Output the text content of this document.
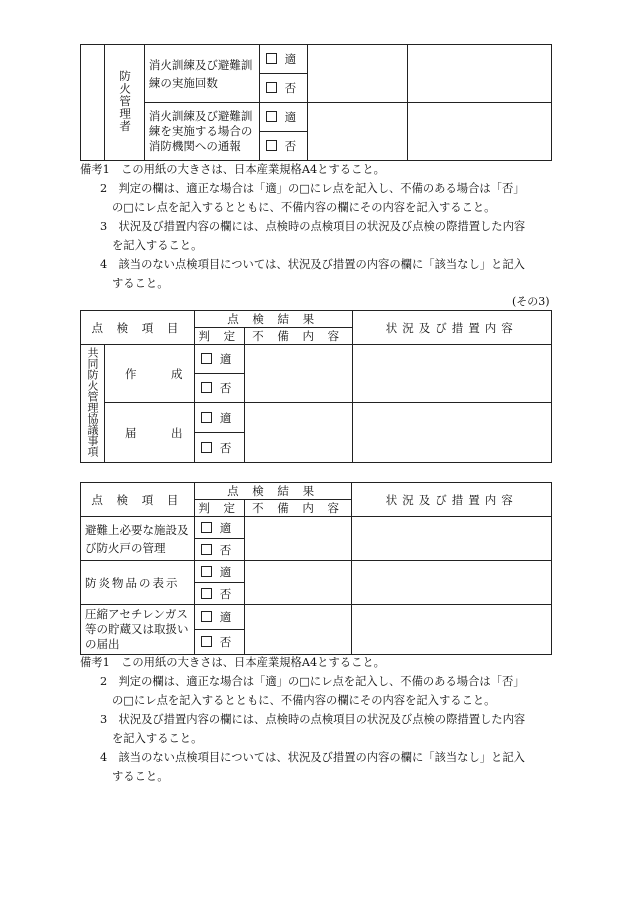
	防火管理者	消火訓練及び避難訓練の実施回数	適		
			否		
		消火訓練及び避難訓練を実施する場合の消防機関への通報	適		
			否		
備考1　この用紙の大きさは、日本産業規格A4とすること。
2　判定の欄は、適正な場合は「適」の□にレ点を記入し、不備のある場合は「否」
の□にレ点を記入するとともに、不備内容の欄にその内容を記入すること。
3　状況及び措置内容の欄には、点検時の点検項目の状況及び点検の際措置した内容
を記入すること。
4　該当のない点検項目については、状況及び措置の内容の欄に「該当なし」と記入
すること。
(その3)
点 検 項 目		点 検 結 果		状況及び措置内容
		判 定	不 備 内 容	
共同防火管理協議事項	作　　　成	適		
		否		
	届　　　出	適		
		否		
点 検 項 目	点 検 結 果		状況及び措置内容
	判 定	不 備 内 容	
避難上必要な施設及び防火戸の管理	適		
	否		
防炎物品の表示	適		
	否		
圧縮アセチレンガス等の貯蔵又は取扱いの届出	適		
	否		
備考1　この用紙の大きさは、日本産業規格A4とすること。
2　判定の欄は、適正な場合は「適」の□にレ点を記入し、不備のある場合は「否」
の□にレ点を記入するとともに、不備内容の欄にその内容を記入すること。
3　状況及び措置内容の欄には、点検時の点検項目の状況及び点検の際措置した内容
を記入すること。
4　該当のない点検項目については、状況及び措置の内容の欄に「該当なし」と記入
すること。
